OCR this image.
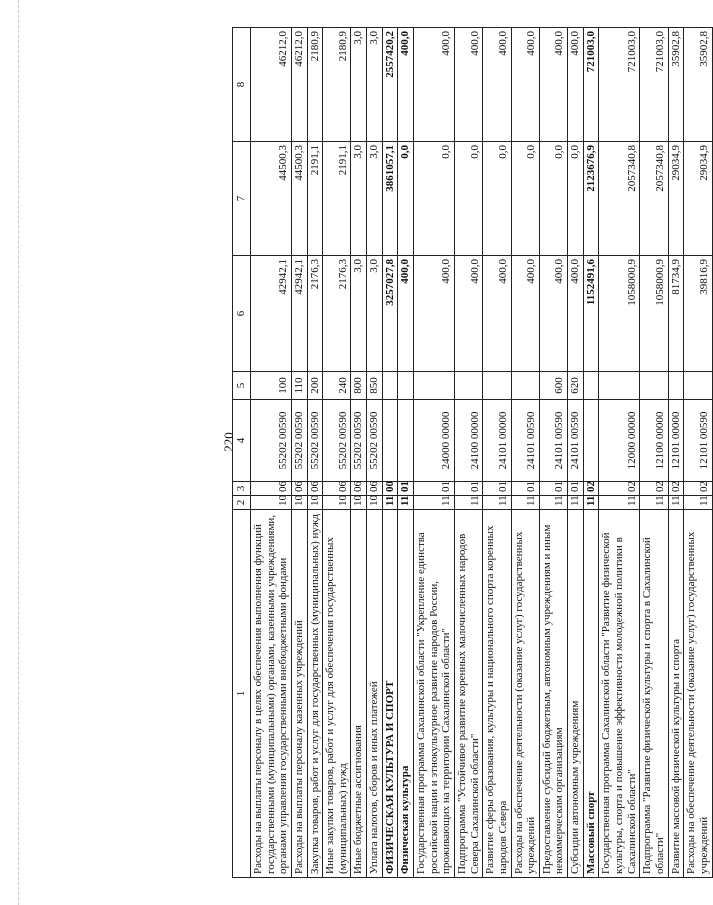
220
1	2	3	4	5	6	7	8
Расходы на выплаты персоналу в целях обеспечения выполнения функций государственными (муниципальными) органами, казенными учреждениями, органами управления государственными внебюджетными фондами	10	06	55202 00590	100	42942,1	44500,3	46212,0
Расходы на выплаты персоналу казенных учреждений	10	06	55202 00590	110	42942,1	44500,3	46212,0
Закупка товаров, работ и услуг для государственных (муниципальных) нужд	10	06	55202 00590	200	2176,3	2191,1	2180,9
Иные закупки товаров, работ и услуг для обеспечения государственных (муниципальных) нужд	10	06	55202 00590	240	2176,3	2191,1	2180,9
Иные бюджетные ассигнования	10	06	55202 00590	800	3,0	3,0	3,0
Уплата налогов, сборов и иных платежей	10	06	55202 00590	850	3,0	3,0	3,0
ФИЗИЧЕСКАЯ КУЛЬТУРА И СПОРТ	11	00			3257027,8	3861057,1	2557420,2
Физическая культура	11	01			400,0	0,0	400,0
Государственная программа Сахалинской области "Укрепление единства российской нации и этнокультурное развитие народов России, проживающих на территории Сахалинской области"	11	01	24000 00000		400,0	0,0	400,0
Подпрограмма "Устойчивое развитие коренных малочисленных народов Севера Сахалинской области"	11	01	24100 00000		400,0	0,0	400,0
Развитие сферы образования, культуры и национального спорта коренных народов Севера	11	01	24101 00000		400,0	0,0	400,0
Расходы на обеспечение деятельности (оказание услуг) государственных учреждений	11	01	24101 00590		400,0	0,0	400,0
Предоставление субсидий бюджетным, автономным учреждениям и иным некоммерческим организациям	11	01	24101 00590	600	400,0	0,0	400,0
Субсидии автономным учреждениям	11	01	24101 00590	620	400,0	0,0	400,0
Массовый спорт	11	02			1152491,6	2123676,9	721003,0
Государственная программа Сахалинской области "Развитие физической культуры, спорта и повышение эффективности молодежной политики в Сахалинской области"	11	02	12000 00000		1058000,9	2057340,8	721003,0
Подпрограмма "Развитие физической культуры и спорта в Сахалинской области"	11	02	12100 00000		1058000,9	2057340,8	721003,0
Развитие массовой физической культуры и спорта	11	02	12101 00000		81734,9	29034,9	35902,8
Расходы на обеспечение деятельности (оказание услуг) государственных учреждений	11	02	12101 00590		39816,9	29034,9	35902,8
